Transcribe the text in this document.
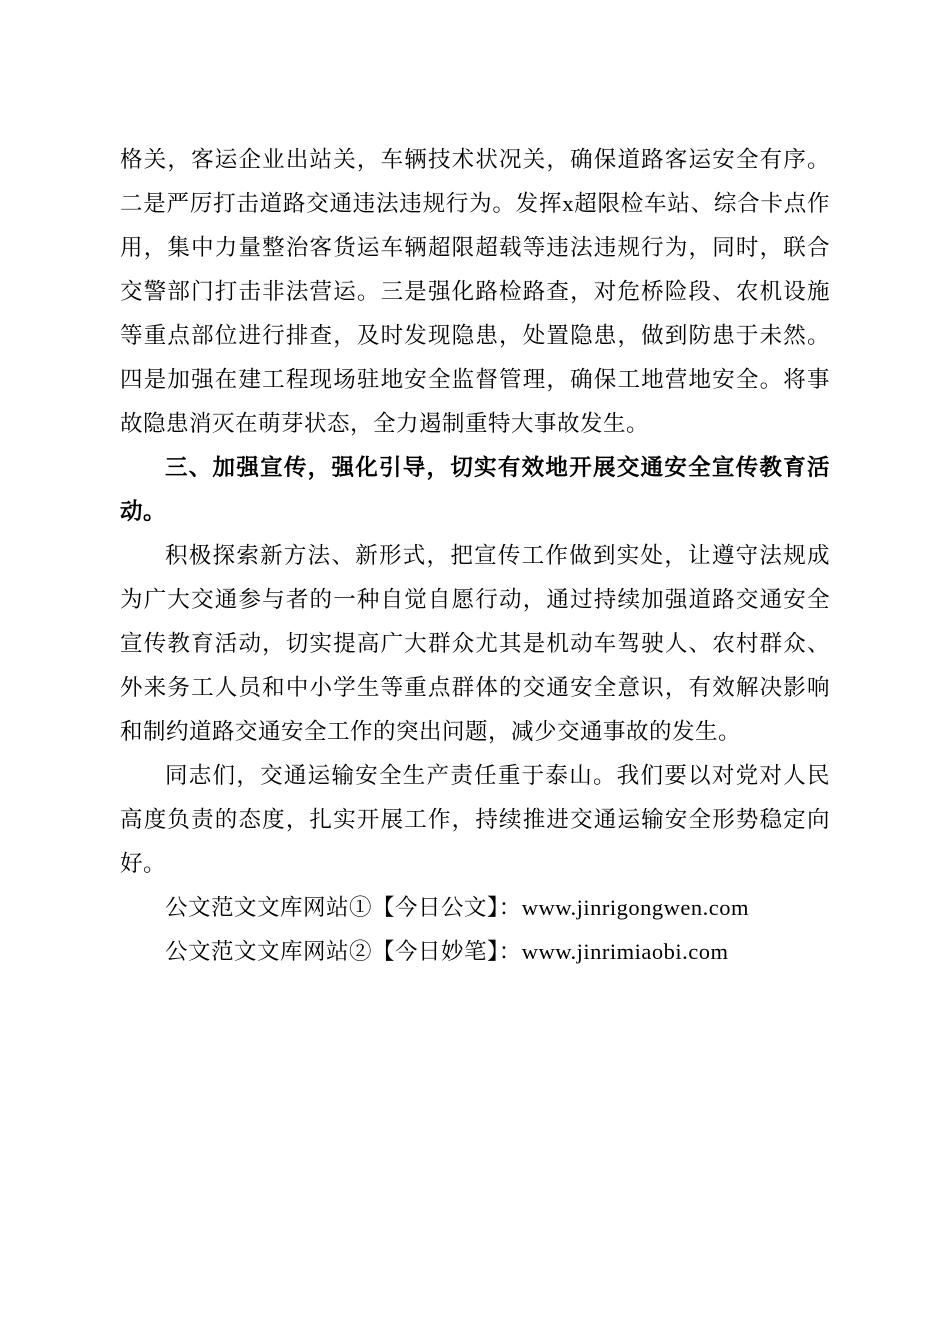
格关，客运企业出站关，车辆技术状况关，确保道路客运安全有序。二是严厉打击道路交通违法违规行为。发挥x超限检车站、综合卡点作用，集中力量整治客货运车辆超限超载等违法违规行为，同时，联合交警部门打击非法营运。三是强化路检路查，对危桥险段、农机设施等重点部位进行排查，及时发现隐患，处置隐患，做到防患于未然。四是加强在建工程现场驻地安全监督管理，确保工地营地安全。将事故隐患消灭在萌芽状态，全力遏制重特大事故发生。

三、加强宣传，强化引导，切实有效地开展交通安全宣传教育活动。

积极探索新方法、新形式，把宣传工作做到实处，让遵守法规成为广大交通参与者的一种自觉自愿行动，通过持续加强道路交通安全宣传教育活动，切实提高广大群众尤其是机动车驾驶人、农村群众、外来务工人员和中小学生等重点群体的交通安全意识，有效解决影响和制约道路交通安全工作的突出问题，减少交通事故的发生。

同志们，交通运输安全生产责任重于泰山。我们要以对党对人民高度负责的态度，扎实开展工作，持续推进交通运输安全形势稳定向好。

公文范文文库网站①【今日公文】：www.jinrigongwen.com

公文范文文库网站②【今日妙笔】：www.jinrimiaobi.com
